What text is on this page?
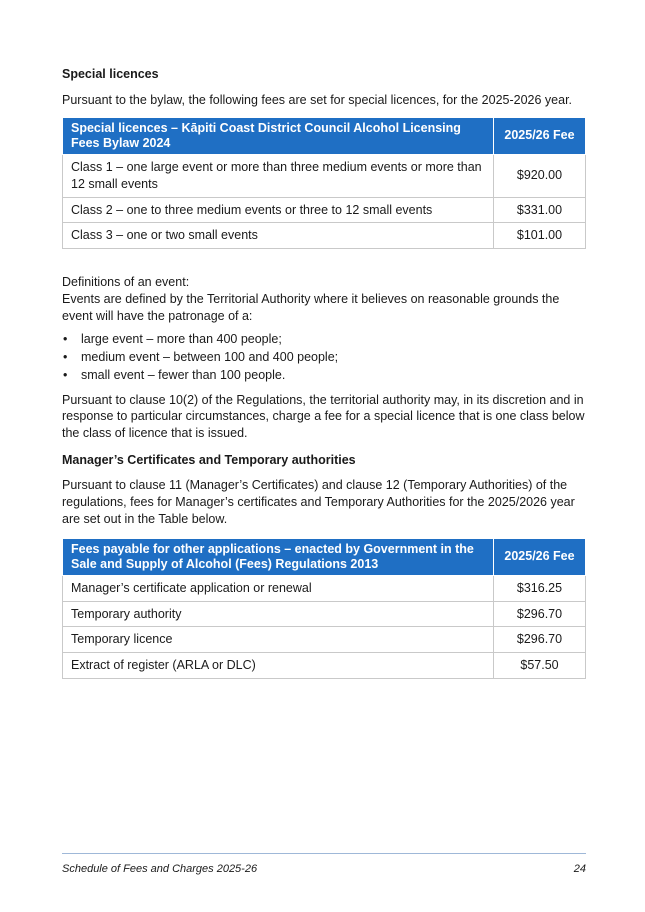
Special licences

Pursuant to the bylaw, the following fees are set for special licences, for the 2025-2026 year.

Special licences – Kāpiti Coast District Council Alcohol Licensing Fees Bylaw 2024	2025/26 Fee
Class 1 – one large event or more than three medium events or more than 12 small events	$920.00
Class 2 – one to three medium events or three to 12 small events	$331.00
Class 3 – one or two small events	$101.00

Definitions of an event:

Events are defined by the Territorial Authority where it believes on reasonable grounds the event will have the patronage of a:

• large event – more than 400 people;
• medium event – between 100 and 400 people;
• small event – fewer than 100 people.

Pursuant to clause 10(2) of the Regulations, the territorial authority may, in its discretion and in response to particular circumstances, charge a fee for a special licence that is one class below the class of licence that is issued.

Manager’s Certificates and Temporary authorities

Pursuant to clause 11 (Manager’s Certificates) and clause 12 (Temporary Authorities) of the regulations, fees for Manager’s certificates and Temporary Authorities for the 2025/2026 year are set out in the Table below.

Fees payable for other applications – enacted by Government in the Sale and Supply of Alcohol (Fees) Regulations 2013	2025/26 Fee
Manager’s certificate application or renewal	$316.25
Temporary authority	$296.70
Temporary licence	$296.70
Extract of register (ARLA or DLC)	$57.50
Schedule of Fees and Charges 2025-26	24
